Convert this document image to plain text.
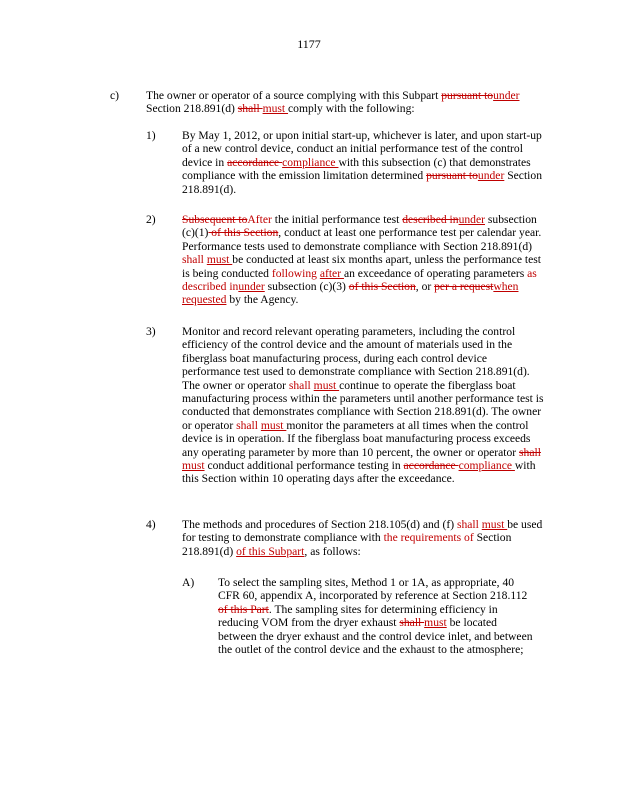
1177
c) The owner or operator of a source complying with this Subpart pursuant tounder Section 218.891(d) shall must comply with the following:
1) By May 1, 2012, or upon initial start-up, whichever is later, and upon start-up of a new control device, conduct an initial performance test of the control device in accordance compliance with this subsection (c) that demonstrates compliance with the emission limitation determined pursuant tounder Section 218.891(d).
2) Subsequent toAfter the initial performance test described inunder subsection (c)(1) of this Section, conduct at least one performance test per calendar year. Performance tests used to demonstrate compliance with Section 218.891(d) shall must be conducted at least six months apart, unless the performance test is being conducted following after an exceedance of operating parameters as described inunder subsection (c)(3) of this Section, or per a requestwhen requested by the Agency.
3) Monitor and record relevant operating parameters, including the control efficiency of the control device and the amount of materials used in the fiberglass boat manufacturing process, during each control device performance test used to demonstrate compliance with Section 218.891(d). The owner or operator shall must continue to operate the fiberglass boat manufacturing process within the parameters until another performance test is conducted that demonstrates compliance with Section 218.891(d). The owner or operator shall must monitor the parameters at all times when the control device is in operation. If the fiberglass boat manufacturing process exceeds any operating parameter by more than 10 percent, the owner or operator shall must conduct additional performance testing in accordance compliance with this Section within 10 operating days after the exceedance.
4) The methods and procedures of Section 218.105(d) and (f) shall must be used for testing to demonstrate compliance with the requirements of Section 218.891(d) of this Subpart, as follows:
A) To select the sampling sites, Method 1 or 1A, as appropriate, 40 CFR 60, appendix A, incorporated by reference at Section 218.112 of this Part. The sampling sites for determining efficiency in reducing VOM from the dryer exhaust shall must be located between the dryer exhaust and the control device inlet, and between the outlet of the control device and the exhaust to the atmosphere;
